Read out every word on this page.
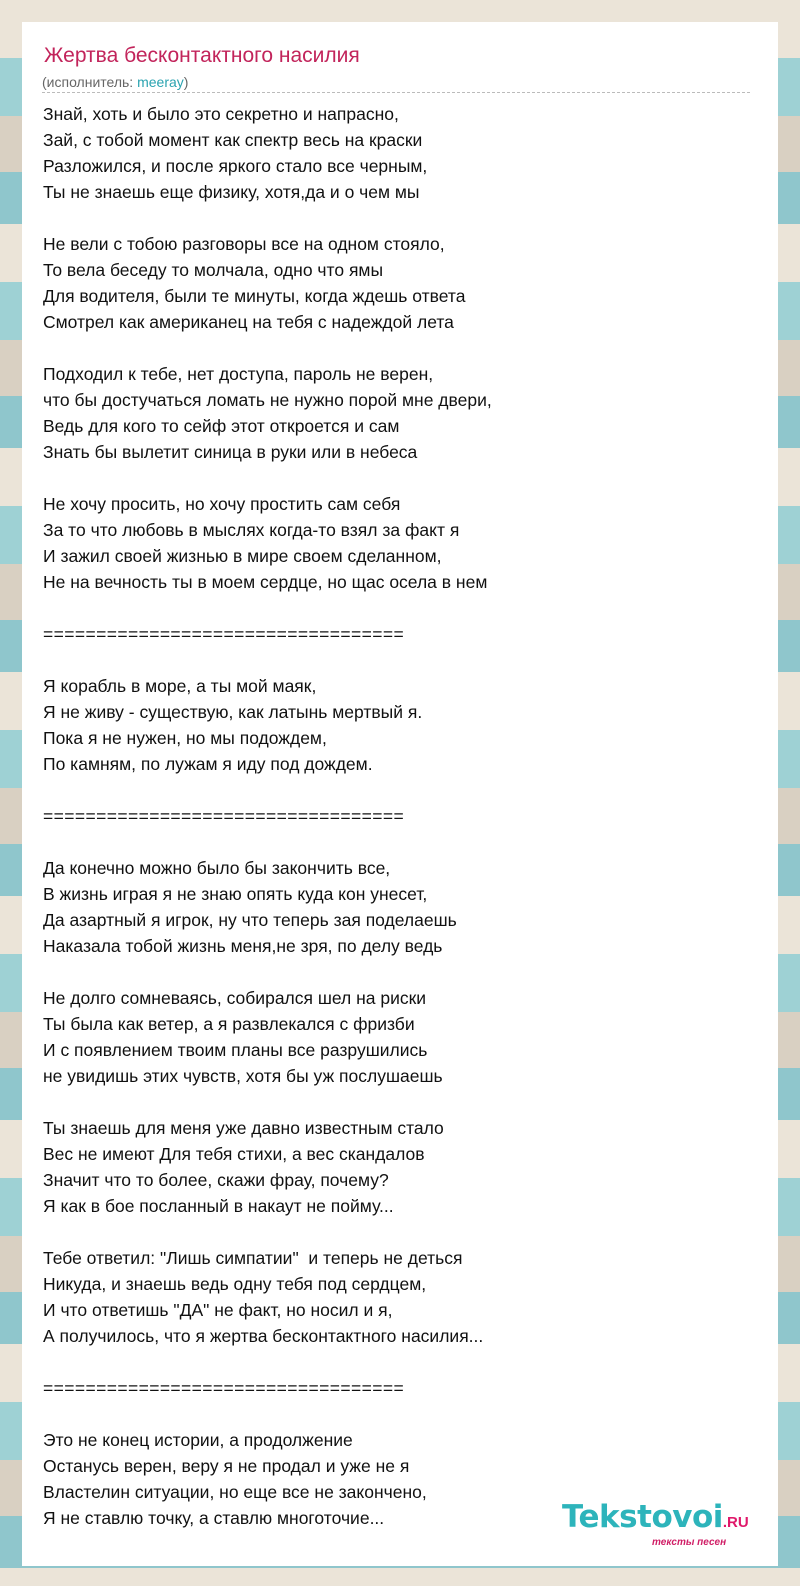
Жертва бесконтактного насилия
(исполнитель: meeray)
Знай, хоть и было это секретно и напрасно,
Зай, с тобой момент как спектр весь на краски
Разложился, и после яркого стало все черным,
Ты не знаешь еще физику, хотя,да и о чем мы
Не вели с тобою разговоры все на одном стояло,
То вела беседу то молчала, одно что ямы
Для водителя, были те минуты, когда ждешь ответа
Смотрел как американец на тебя с надеждой лета
Подходил к тебе, нет доступа, пароль не верен,
что бы достучаться ломать не нужно порой мне двери,
Ведь для кого то сейф этот откроется и сам
Знать бы вылетит синица в руки или в небеса
Не хочу просить, но хочу простить сам себя
За то что любовь в мыслях когда-то взял за факт я
И зажил своей жизнью в мире своем сделанном,
Не на вечность ты в моем сердце, но щас осела в нем
==================================
Я корабль в море, а ты мой маяк,
Я не живу - существую, как латынь мертвый я.
Пока я не нужен, но мы подождем,
По камням, по лужам я иду под дождем.
==================================
Да конечно можно было бы закончить все,
В жизнь играя я не знаю опять куда кон унесет,
Да азартный я игрок, ну что теперь зая поделаешь
Наказала тобой жизнь меня,не зря, по делу ведь
Не долго сомневаясь, собирался шел на риски
Ты была как ветер, а я развлекался с фризби
И с появлением твоим планы все разрушились
не увидишь этих чувств, хотя бы уж послушаешь
Ты знаешь для меня уже давно известным стало
Вес не имеют Для тебя стихи, а вес скандалов
Значит что то более, скажи фрау, почему?
Я как в бое посланный в накаут не пойму...
Тебе ответил: "Лишь симпатии"  и теперь не деться
Никуда, и знаешь ведь одну тебя под сердцем,
И что ответишь "ДА" не факт, но носил и я,
А получилось, что я жертва бесконтактного насилия...
==================================
Это не конец истории, а продолжение
Останусь верен, веру я не продал и уже не я
Властелин ситуации, но еще все не закончено,
Я не ставлю точку, а ставлю многоточие...	Tekstovoi.RU
тексты песен
